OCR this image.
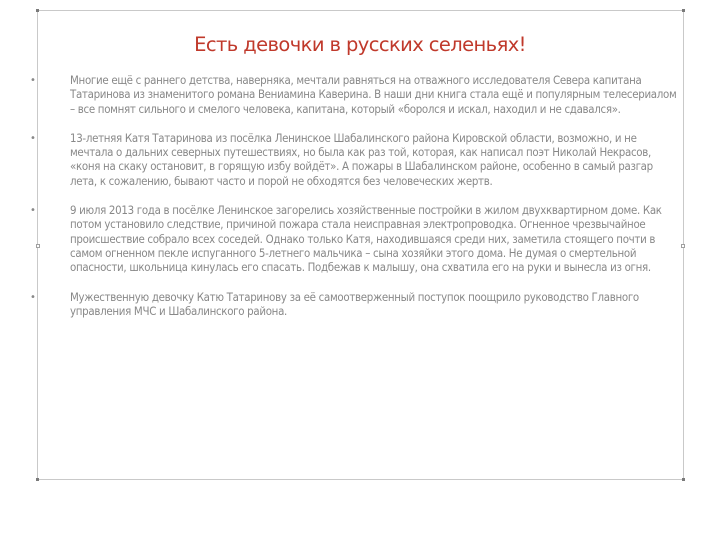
Есть девочки в русских селеньях!
•	Многие ещё с раннего детства, наверняка, мечтали равняться на отважного исследователя Севера капитана Татаринова из знаменитого романа Вениамина Каверина. В наши дни книга стала ещё и популярным телесериалом – все помнят сильного и смелого человека, капитана, который «боролся и искал, находил и не сдавался».
•	13-летняя Катя Татаринова из посёлка Ленинское Шабалинского района Кировской области, возможно, и не мечтала о дальних северных путешествиях, но была как раз той, которая, как написал поэт Николай Некрасов, «коня на скаку остановит, в горящую избу войдёт». А пожары в Шабалинском районе, особенно в самый разгар лета, к сожалению, бывают часто и порой не обходятся без человеческих жертв.
•	9 июля 2013 года в посёлке Ленинское загорелись хозяйственные постройки в жилом двухквартирном доме. Как потом установило следствие, причиной пожара стала неисправная электропроводка. Огненное чрезвычайное происшествие собрало всех соседей. Однако только Катя, находившаяся среди них, заметила стоящего почти в самом огненном пекле испуганного 5-летнего мальчика – сына хозяйки этого дома. Не думая о смертельной опасности, школьница кинулась его спасать. Подбежав к малышу, она схватила его на руки и вынесла из огня.
•	Мужественную девочку Катю Татаринову за её самоотверженный поступок поощрило руководство Главного управления МЧС и Шабалинского района.
